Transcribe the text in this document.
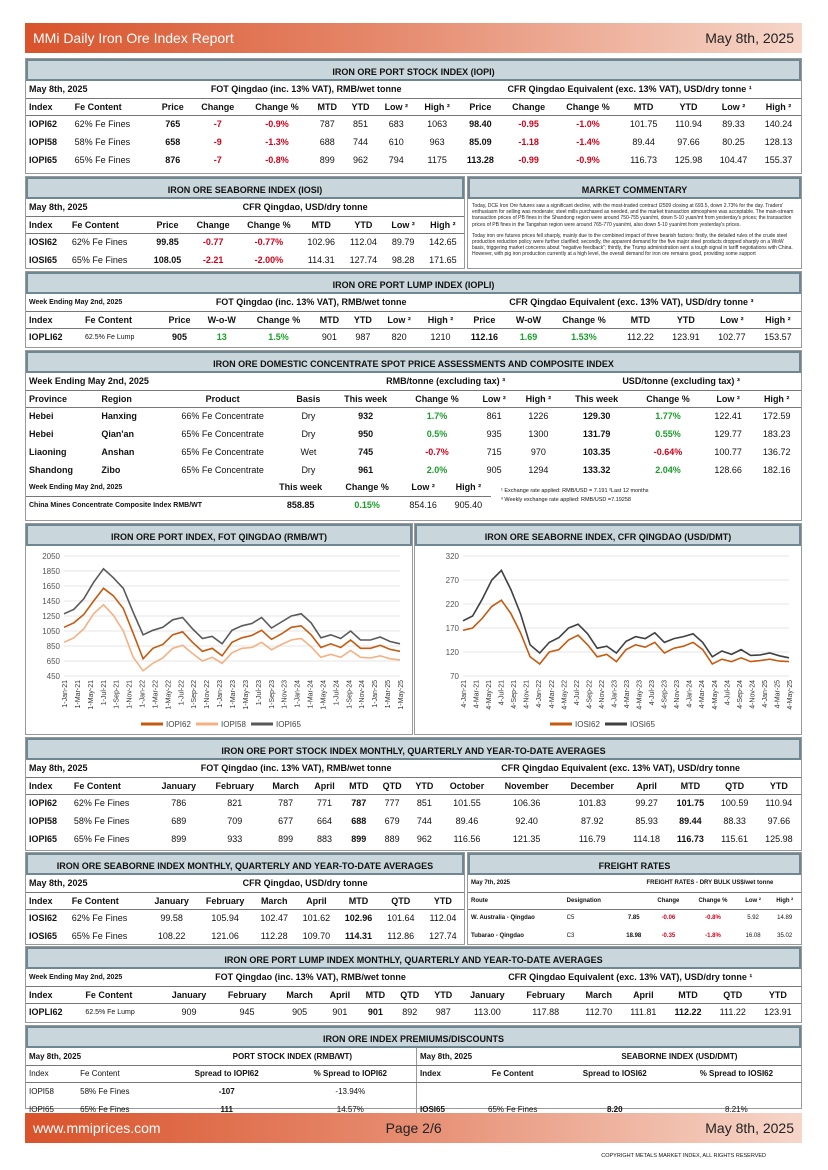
MMi Daily Iron Ore Index Report	May 8th, 2025
IRON ORE PORT STOCK INDEX (IOPI)
May 8th, 2025		FOT Qingdao (inc. 13% VAT), RMB/wet tonne							CFR Qingdao Equivalent (exc. 13% VAT), USD/dry tonne ¹						
Index	Fe Content	Price	Change	Change %	MTD	YTD	Low ²	High ²	Price	Change	Change %	MTD	YTD	Low ²	High ²
IOPI62	62% Fe Fines	765	-7	-0.9%	787	851	683	1063	98.40	-0.95	-1.0%	101.75	110.94	89.33	140.24
IOPI58	58% Fe Fines	658	-9	-1.3%	688	744	610	963	85.09	-1.18	-1.4%	89.44	97.66	80.25	128.13
IOPI65	65% Fe Fines	876	-7	-0.8%	899	962	794	1175	113.28	-0.99	-0.9%	116.73	125.98	104.47	155.37
IRON ORE SEABORNE INDEX (IOSI)
May 8th, 2025		CFR Qingdao, USD/dry tonne						
Index	Fe Content	Price	Change	Change %	MTD	YTD	Low ²	High ²
IOSI62	62% Fe Fines	99.85	-0.77	-0.77%	102.96	112.04	89.79	142.65
IOSI65	65% Fe Fines	108.05	-2.21	-2.00%	114.31	127.74	98.28	171.65
MARKET COMMENTARY
Today, DCE Iron Ore futures saw a significant decline, with the most-traded contract I2509 closing at 693.5, down 2.73% for the day. Traders' enthusiasm for selling was moderate; steel mills purchased as needed, and the market transaction atmosphere was acceptable. The main-stream transaction prices of PB fines in the Shandong region were around 750-755 yuan/mt, down 5-10 yuan/mt from yesterday's prices; the transaction prices of PB fines in the Tangshan region were around 765-770 yuan/mt, also down 5-10 yuan/mt from yesterday's prices.
Today iron ore futures prices fell sharply, mainly due to the combined impact of three bearish factors: firstly, the detailed rules of the crude steel production reduction policy were further clarified; secondly, the apparent demand for the five major steel products dropped sharply on a WoW basis, triggering market concerns about "negative feedback"; thirdly, the Trump administration sent a tough signal in tariff negotiations with China. However, with pig iron production currently at a high level, the overall demand for iron ore remains good, providing some support
IRON ORE PORT LUMP INDEX (IOPLI)
Week Ending May 2nd, 2025		FOT Qingdao (inc. 13% VAT), RMB/wet tonne							CFR Qingdao Equivalent (exc. 13% VAT), USD/dry tonne ³						
Index	Fe Content	Price	W-o-W	Change %	MTD	YTD	Low ²	High ²	Price	W-oW	Change %	MTD	YTD	Low ²	High ²
IOPLI62	62.5% Fe Lump	905	13	1.5%	901	987	820	1210	112.16	1.69	1.53%	112.22	123.91	102.77	153.57
IRON ORE DOMESTIC CONCENTRATE SPOT PRICE ASSESSMENTS AND COMPOSITE INDEX
Week Ending May 2nd, 2025				RMB/tonne (excluding tax) ³				USD/tonne (excluding tax) ³			
Province	Region	Product	Basis	This week	Change %	Low ²	High ²	This week	Change %	Low ²	High ²
Hebei	Hanxing	66% Fe Concentrate	Dry	932	1.7%	861	1226	129.30	1.77%	122.41	172.59
Hebei	Qian'an	65% Fe Concentrate	Dry	950	0.5%	935	1300	131.79	0.55%	129.77	183.23
Liaoning	Anshan	65% Fe Concentrate	Wet	745	-0.7%	715	970	103.35	-0.64%	100.77	136.72
Shandong	Zibo	65% Fe Concentrate	Dry	961	2.0%	905	1294	133.32	2.04%	128.66	182.16
Week Ending May 2nd, 2025	This week	Change %	Low ²	High ²
China Mines Concentrate Composite Index RMB/WT	858.85	0.15%	854.16	905.40
¹ Exchange rate applied: RMB/USD = 7.191 ²Last 12 months
³ Weekly exchange rate applied: RMB/USD =7.19258
IRON ORE PORT INDEX, FOT QINGDAO (RMB/WT)
2050
1850
1650
1450
1250
1050
850
650
450
1-Jan-21 1-Mar-21 1-May-21 1-Jul-21 1-Sep-21 1-Nov-21 1-Jan-22 1-Mar-22 1-May-22 1-Jul-22 1-Sep-22 1-Nov-22 1-Jan-23 1-Mar-23 1-May-23 1-Jul-23 1-Sep-23 1-Nov-23 1-Jan-24 1-Mar-24 1-May-24 1-Jul-24 1-Sep-24 1-Nov-24 1-Jan-25 1-Mar-25 1-May-25
IOPI62	IOPI58	IOPI65
IRON ORE SEABORNE INDEX, CFR QINGDAO (USD/DMT)
320
270
220
170
120
70
4-Jan-21 4-Mar-21 4-May-21 4-Jul-21 4-Sep-21 4-Nov-21 4-Jan-22 4-Mar-22 4-May-22 4-Jul-22 4-Sep-22 4-Nov-22 4-Jan-23 4-Mar-23 4-May-23 4-Jul-23 4-Sep-23 4-Nov-23 4-Jan-24 4-Mar-24 4-May-24 4-Jul-24 4-Sep-24 4-Nov-24 4-Jan-25 4-Mar-25 4-May-25
IOSI62	IOSI65
IRON ORE PORT STOCK INDEX MONTHLY, QUARTERLY AND YEAR-TO-DATE AVERAGES
May 8th, 2025		FOT Qingdao (inc. 13% VAT), RMB/wet tonne							CFR Qingdao Equivalent (exc. 13% VAT), USD/dry tonne						
Index	Fe Content	January	February	March	April	MTD	QTD	YTD	October	November	December	April	MTD	QTD	YTD
IOPI62	62% Fe Fines	786	821	787	771	787	777	851	101.55	106.36	101.83	99.27	101.75	100.59	110.94
IOPI58	58% Fe Fines	689	709	677	664	688	679	744	89.46	92.40	87.92	85.93	89.44	88.33	97.66
IOPI65	65% Fe Fines	899	933	899	883	899	889	962	116.56	121.35	116.79	114.18	116.73	115.61	125.98
IRON ORE SEABORNE INDEX MONTHLY, QUARTERLY AND YEAR-TO-DATE AVERAGES
May 8th, 2025		CFR Qingdao, USD/dry tonne						
Index	Fe Content	January	February	March	April	MTD	QTD	YTD
IOSI62	62% Fe Fines	99.58	105.94	102.47	101.62	102.96	101.64	112.04
IOSI65	65% Fe Fines	108.22	121.06	112.28	109.70	114.31	112.86	127.74
FREIGHT RATES
May 7th, 2025		FREIGHT RATES - DRY BULK US$/wet tonne				
Route	Designation		Change	Change %	Low ²	High ²
W. Australia - Qingdao	C5	7.85	-0.06	-0.8%	5.92	14.89
Tubarao - Qingdao	C3	18.98	-0.35	-1.8%	16.08	35.02
IRON ORE PORT LUMP INDEX MONTHLY, QUARTERLY AND YEAR-TO-DATE AVERAGES
Week Ending May 2nd, 2025		FOT Qingdao (inc. 13% VAT), RMB/wet tonne							CFR Qingdao Equivalent (exc. 13% VAT), USD/dry tonne ¹						
Index	Fe Content	January	February	March	April	MTD	QTD	YTD	January	February	March	April	MTD	QTD	YTD
IOPLI62	62.5% Fe Lump	909	945	905	901	901	892	987	113.00	117.88	112.70	111.81	112.22	111.22	123.91
IRON ORE INDEX PREMIUMS/DISCOUNTS
May 8th, 2025		PORT STOCK INDEX (RMB/WT)	
Index	Fe Content	Spread to IOPI62	% Spread to IOPI62
IOPI58	58% Fe Fines	-107	-13.94%
IOPI65	65% Fe Fines	111	14.57%
May 8th, 2025		SEABORNE INDEX (USD/DMT)	
Index	Fe Content	Spread to IOSI62	% Spread to IOSI62

IOSI65	65% Fe Fines	8.20	8.21%
www.mmiprices.com	Page 2/6	May 8th, 2025
COPYRIGHT METALS MARKET INDEX, ALL RIGHTS RESERVED
